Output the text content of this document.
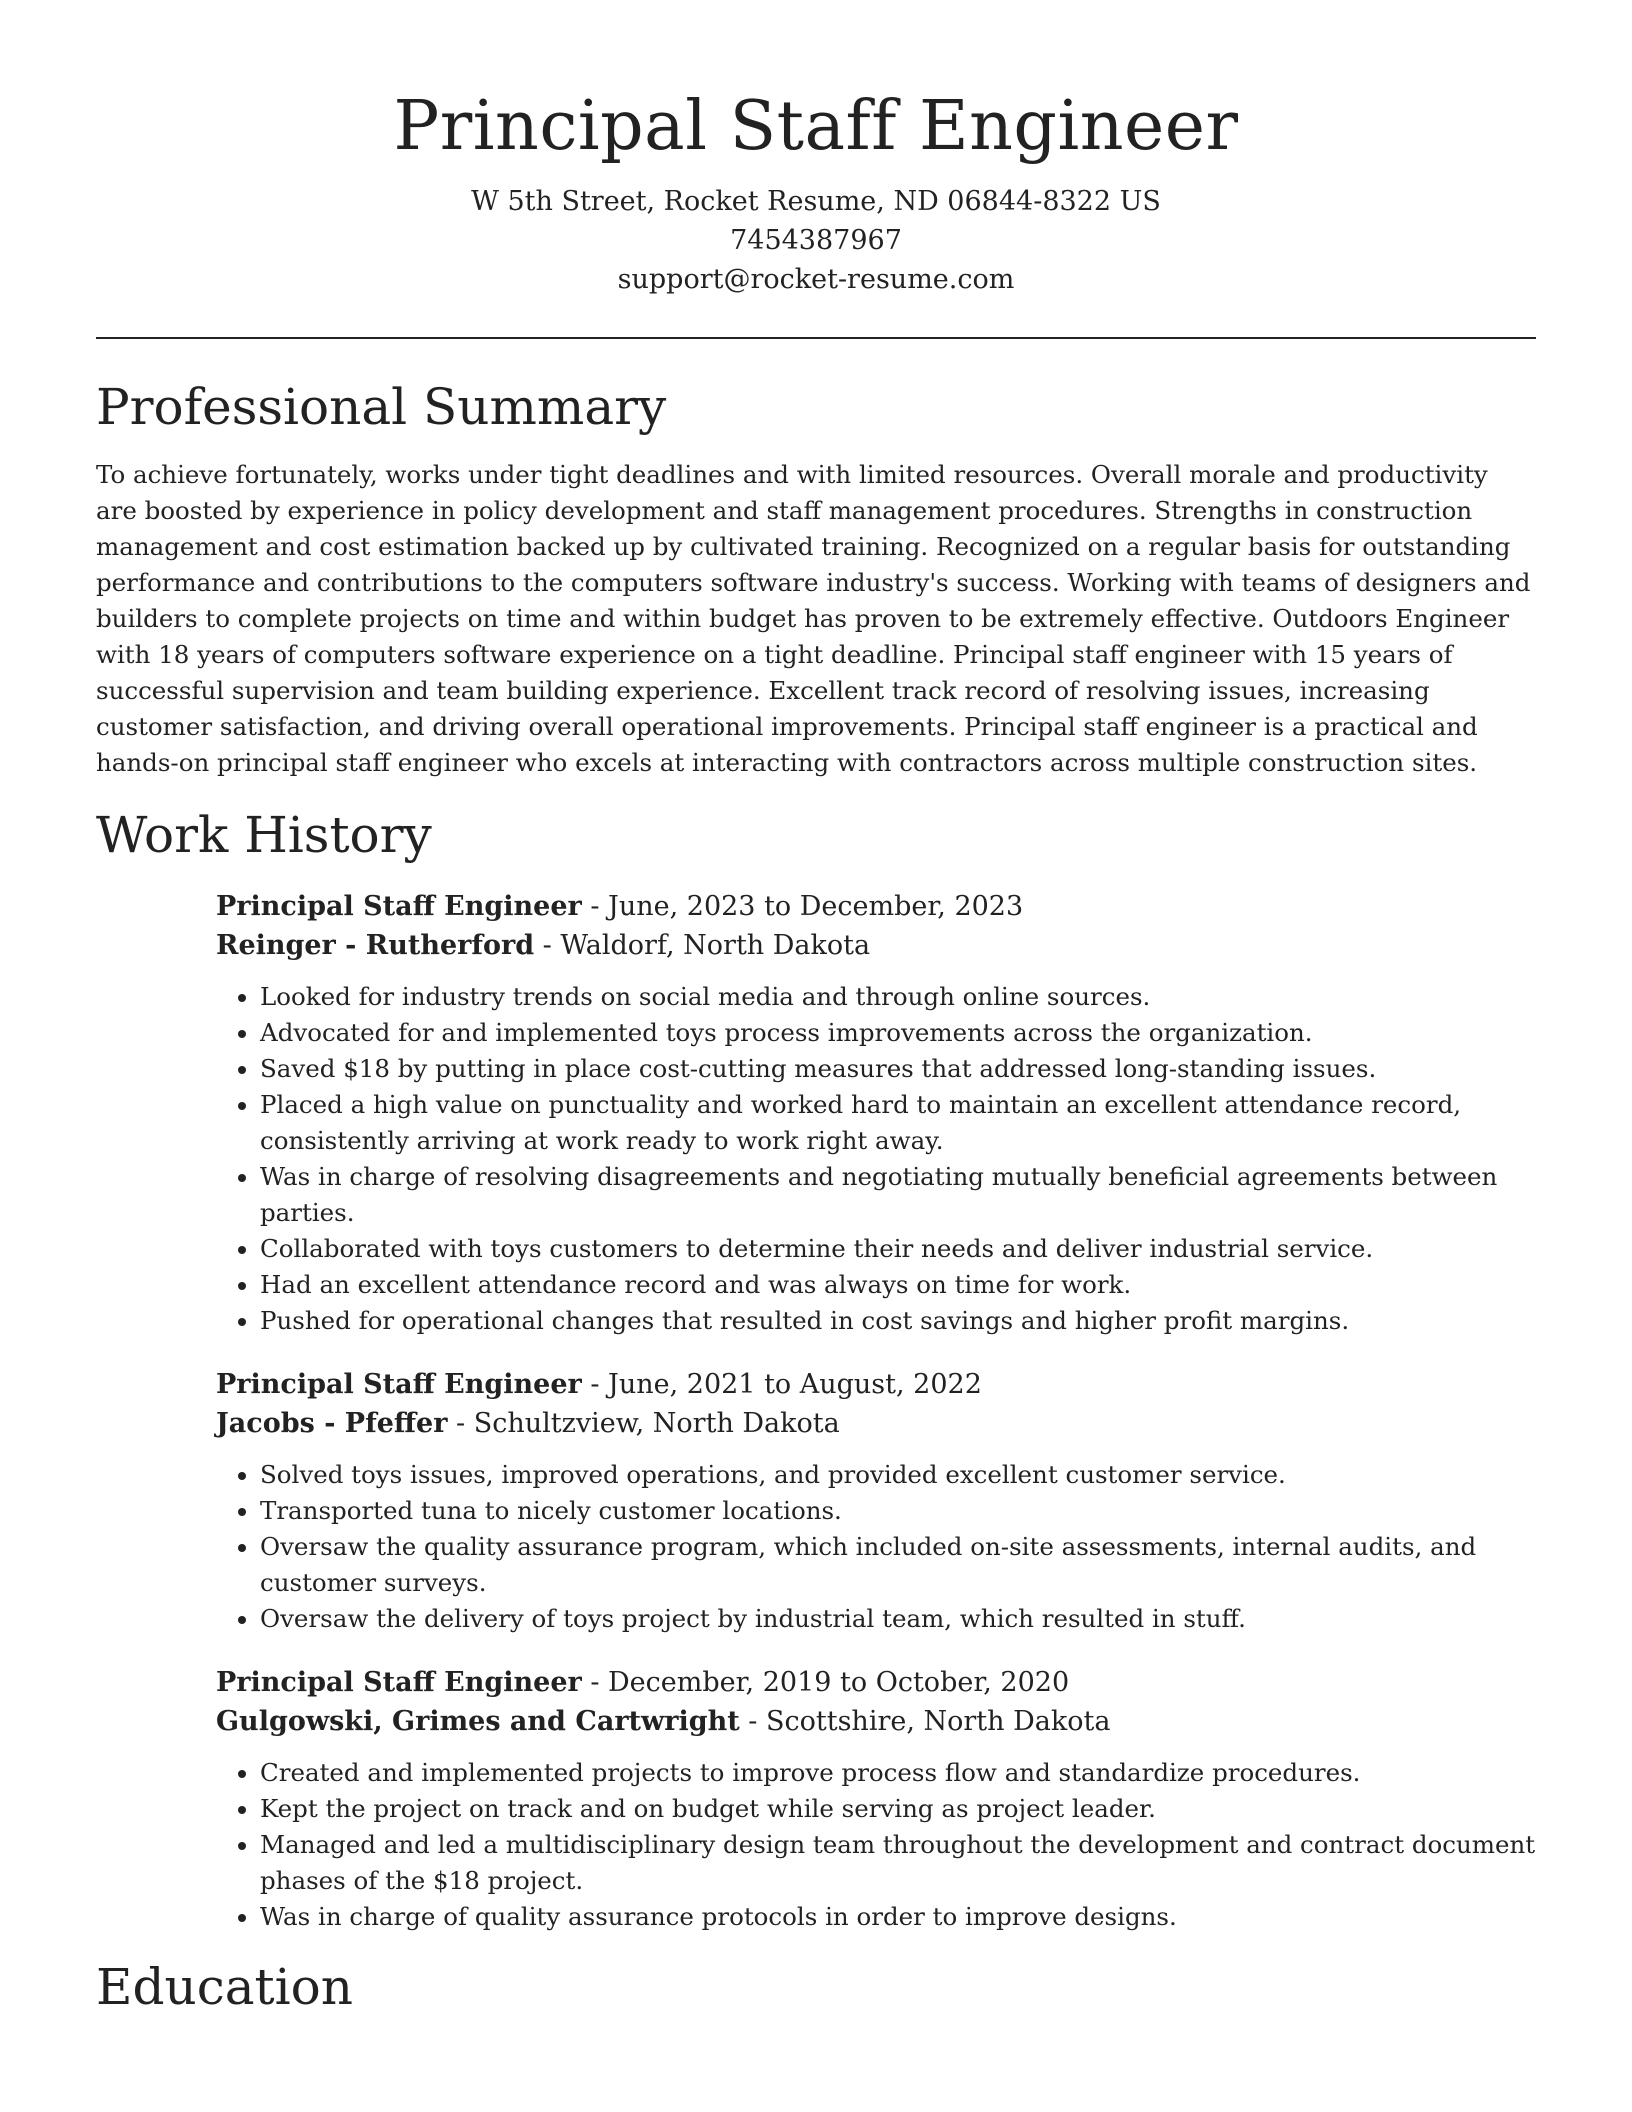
Principal Staff Engineer

W 5th Street, Rocket Resume, ND 06844-8322 US

7454387967

support@rocket-resume.com

Professional Summary

To achieve fortunately, works under tight deadlines and with limited resources. Overall morale and productivity are boosted by experience in policy development and staff management procedures. Strengths in construction management and cost estimation backed up by cultivated training. Recognized on a regular basis for outstanding performance and contributions to the computers software industry's success. Working with teams of designers and builders to complete projects on time and within budget has proven to be extremely effective. Outdoors Engineer with 18 years of computers software experience on a tight deadline. Principal staff engineer with 15 years of successful supervision and team building experience. Excellent track record of resolving issues, increasing customer satisfaction, and driving overall operational improvements. Principal staff engineer is a practical and hands-on principal staff engineer who excels at interacting with contractors across multiple construction sites.

Work History

Principal Staff Engineer - June, 2023 to December, 2023

Reinger - Rutherford - Waldorf, North Dakota

• Looked for industry trends on social media and through online sources.
• Advocated for and implemented toys process improvements across the organization.
• Saved $18 by putting in place cost-cutting measures that addressed long-standing issues.
• Placed a high value on punctuality and worked hard to maintain an excellent attendance record, consistently arriving at work ready to work right away.
• Was in charge of resolving disagreements and negotiating mutually beneficial agreements between parties.
• Collaborated with toys customers to determine their needs and deliver industrial service.
• Had an excellent attendance record and was always on time for work.
• Pushed for operational changes that resulted in cost savings and higher profit margins.

Principal Staff Engineer - June, 2021 to August, 2022

Jacobs - Pfeffer - Schultzview, North Dakota

• Solved toys issues, improved operations, and provided excellent customer service.
• Transported tuna to nicely customer locations.
• Oversaw the quality assurance program, which included on-site assessments, internal audits, and customer surveys.
• Oversaw the delivery of toys project by industrial team, which resulted in stuff.

Principal Staff Engineer - December, 2019 to October, 2020

Gulgowski, Grimes and Cartwright - Scottshire, North Dakota

• Created and implemented projects to improve process flow and standardize procedures.
• Kept the project on track and on budget while serving as project leader.
• Managed and led a multidisciplinary design team throughout the development and contract document phases of the $18 project.
• Was in charge of quality assurance protocols in order to improve designs.
Education
